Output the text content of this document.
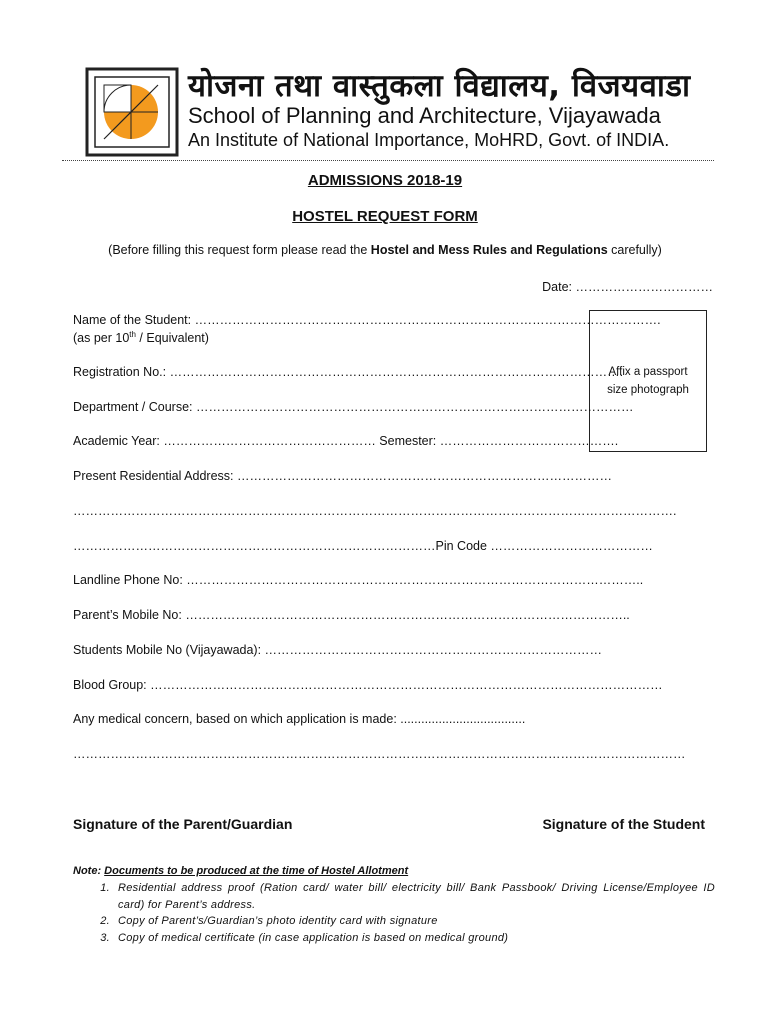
योजना तथा वास्तुकला विद्यालय, विजयवाडा
School of Planning and Architecture, Vijayawada
An Institute of National Importance, MoHRD, Govt. of INDIA.
ADMISSIONS 2018-19
HOSTEL REQUEST FORM
(Before filling this request form please read the Hostel and Mess Rules and Regulations carefully)
Date: ……………………………
Affix a passport
size photograph
Name of the Student: ………………………………………………………………………………………………….
(as per 10th / Equivalent)
Registration No.: ……………………………………………………………………………………………….
Department / Course: ……………………………………………………………………………………………
Academic Year: …………………………………………… Semester: …………………………………….
Present Residential Address: ………………………………………………………………………………
……………………………………………………………………………………………………………………………….
……………………………………………………………………………Pin Code …………………………………
Landline Phone No: ………………………………………………………………………………………………..
Parent’s Mobile No: ……………………………………………………………………………………………..
Students Mobile No (Vijayawada): ………………………………………………………………………
Blood Group: ……………………………………………………………………………………………………………
Any medical concern, based on which application is made: ....................................
…………………………………………………………………………………………………………………………………
Signature of the Parent/Guardian	Signature of the Student
Note: Documents to be produced at the time of Hostel Allotment
1. Residential address proof (Ration card/ water bill/ electricity bill/ Bank Passbook/ Driving License/Employee ID card) for Parent’s address.
2. Copy of Parent’s/Guardian’s photo identity card with signature
3. Copy of medical certificate (in case application is based on medical ground)
